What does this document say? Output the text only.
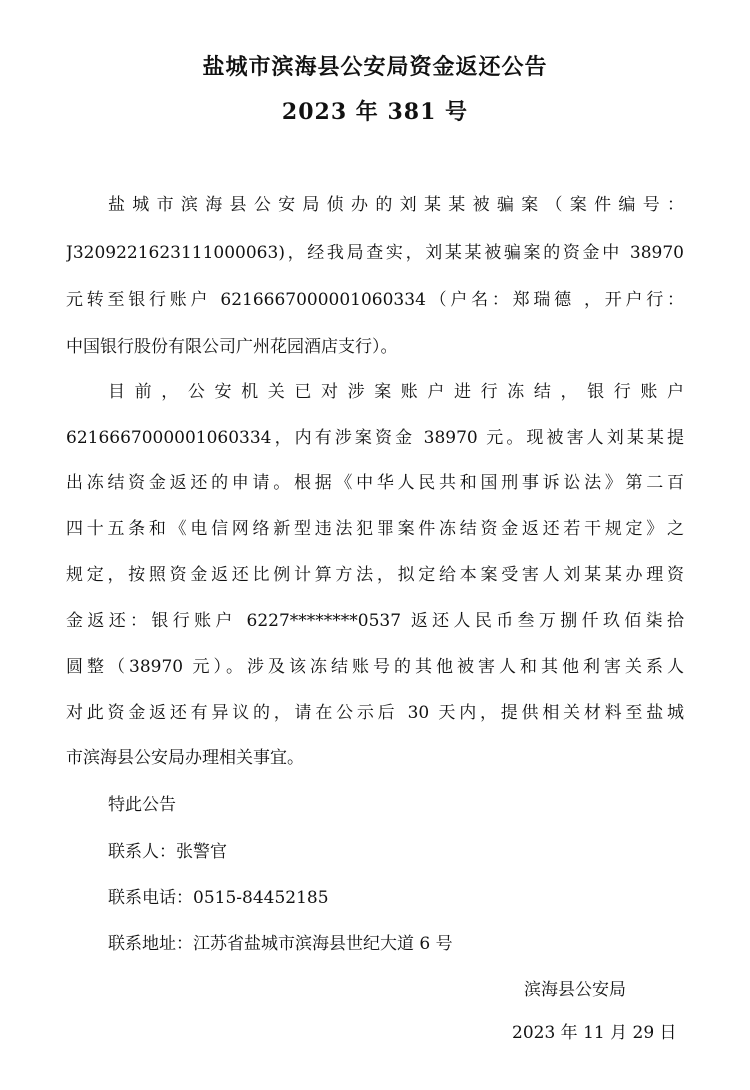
盐城市滨海县公安局资金返还公告
2023 年 381 号
盐城市滨海县公安局侦办的刘某某被骗案（案件编号：
J3209221623111000063)，经我局查实，刘某某被骗案的资金中 38970
元转至银行账户 6216667000001060334（户名：郑瑞德 ，开户行：
中国银行股份有限公司广州花园酒店支行）。
目前，公安机关已对涉案账户进行冻结，银行账户
6216667000001060334，内有涉案资金 38970 元。现被害人刘某某提
出冻结资金返还的申请。根据《中华人民共和国刑事诉讼法》第二百
四十五条和《电信网络新型违法犯罪案件冻结资金返还若干规定》之
规定，按照资金返还比例计算方法，拟定给本案受害人刘某某办理资
金返还：银行账户 6227********0537 返还人民币叁万捌仟玖佰柒拾
圆整（38970 元）。涉及该冻结账号的其他被害人和其他利害关系人
对此资金返还有异议的，请在公示后 30 天内，提供相关材料至盐城
市滨海县公安局办理相关事宜。
特此公告
联系人：张警官
联系电话：0515-84452185
联系地址：江苏省盐城市滨海县世纪大道 6 号
滨海县公安局
2023 年 11 月 29 日
